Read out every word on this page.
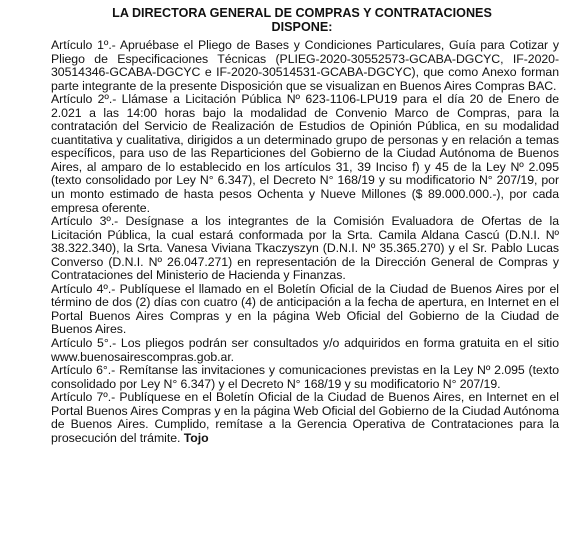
LA DIRECTORA GENERAL DE COMPRAS Y CONTRATACIONES
DISPONE:

Artículo 1º.- Apruébase el Pliego de Bases y Condiciones Particulares, Guía para Cotizar y Pliego de Especificaciones Técnicas (PLIEG-2020-30552573-GCABA-DGCYC, IF-2020-30514346-GCABA-DGCYC e IF-2020-30514531-GCABA-DGCYC), que como Anexo forman parte integrante de la presente Disposición que se visualizan en Buenos Aires Compras BAC.

Artículo 2º.- Llámase a Licitación Pública Nº 623-1106-LPU19 para el día 20 de Enero de 2.021 a las 14:00 horas bajo la modalidad de Convenio Marco de Compras, para la contratación del Servicio de Realización de Estudios de Opinión Pública, en su modalidad cuantitativa y cualitativa, dirigidos a un determinado grupo de personas y en relación a temas específicos, para uso de las Reparticiones del Gobierno de la Ciudad Autónoma de Buenos Aires, al amparo de lo establecido en los artículos 31, 39 Inciso f) y 45 de la Ley Nº 2.095 (texto consolidado por Ley N° 6.347), el Decreto N° 168/19 y su modificatorio N° 207/19, por un monto estimado de hasta pesos Ochenta y Nueve Millones ($ 89.000.000.-), por cada empresa oferente.

Artículo 3º.- Desígnase a los integrantes de la Comisión Evaluadora de Ofertas de la Licitación Pública, la cual estará conformada por la Srta. Camila Aldana Cascú (D.N.I. Nº 38.322.340), la Srta. Vanesa Viviana Tkaczyszyn (D.N.I. Nº 35.365.270) y el Sr. Pablo Lucas Converso (D.N.I. Nº 26.047.271) en representación de la Dirección General de Compras y Contrataciones del Ministerio de Hacienda y Finanzas.

Artículo 4º.- Publíquese el llamado en el Boletín Oficial de la Ciudad de Buenos Aires por el término de dos (2) días con cuatro (4) de anticipación a la fecha de apertura, en Internet en el Portal Buenos Aires Compras y en la página Web Oficial del Gobierno de la Ciudad de Buenos Aires.

Artículo 5°.- Los pliegos podrán ser consultados y/o adquiridos en forma gratuita en el sitio www.buenosairescompras.gob.ar.

Artículo 6°.- Remítanse las invitaciones y comunicaciones previstas en la Ley Nº 2.095 (texto consolidado por Ley N° 6.347) y el Decreto N° 168/19 y su modificatorio N° 207/19.

Artículo 7º.- Publíquese en el Boletín Oficial de la Ciudad de Buenos Aires, en Internet en el Portal Buenos Aires Compras y en la página Web Oficial del Gobierno de la Ciudad Autónoma de Buenos Aires. Cumplido, remítase a la Gerencia Operativa de Contrataciones para la prosecución del trámite. Tojo
